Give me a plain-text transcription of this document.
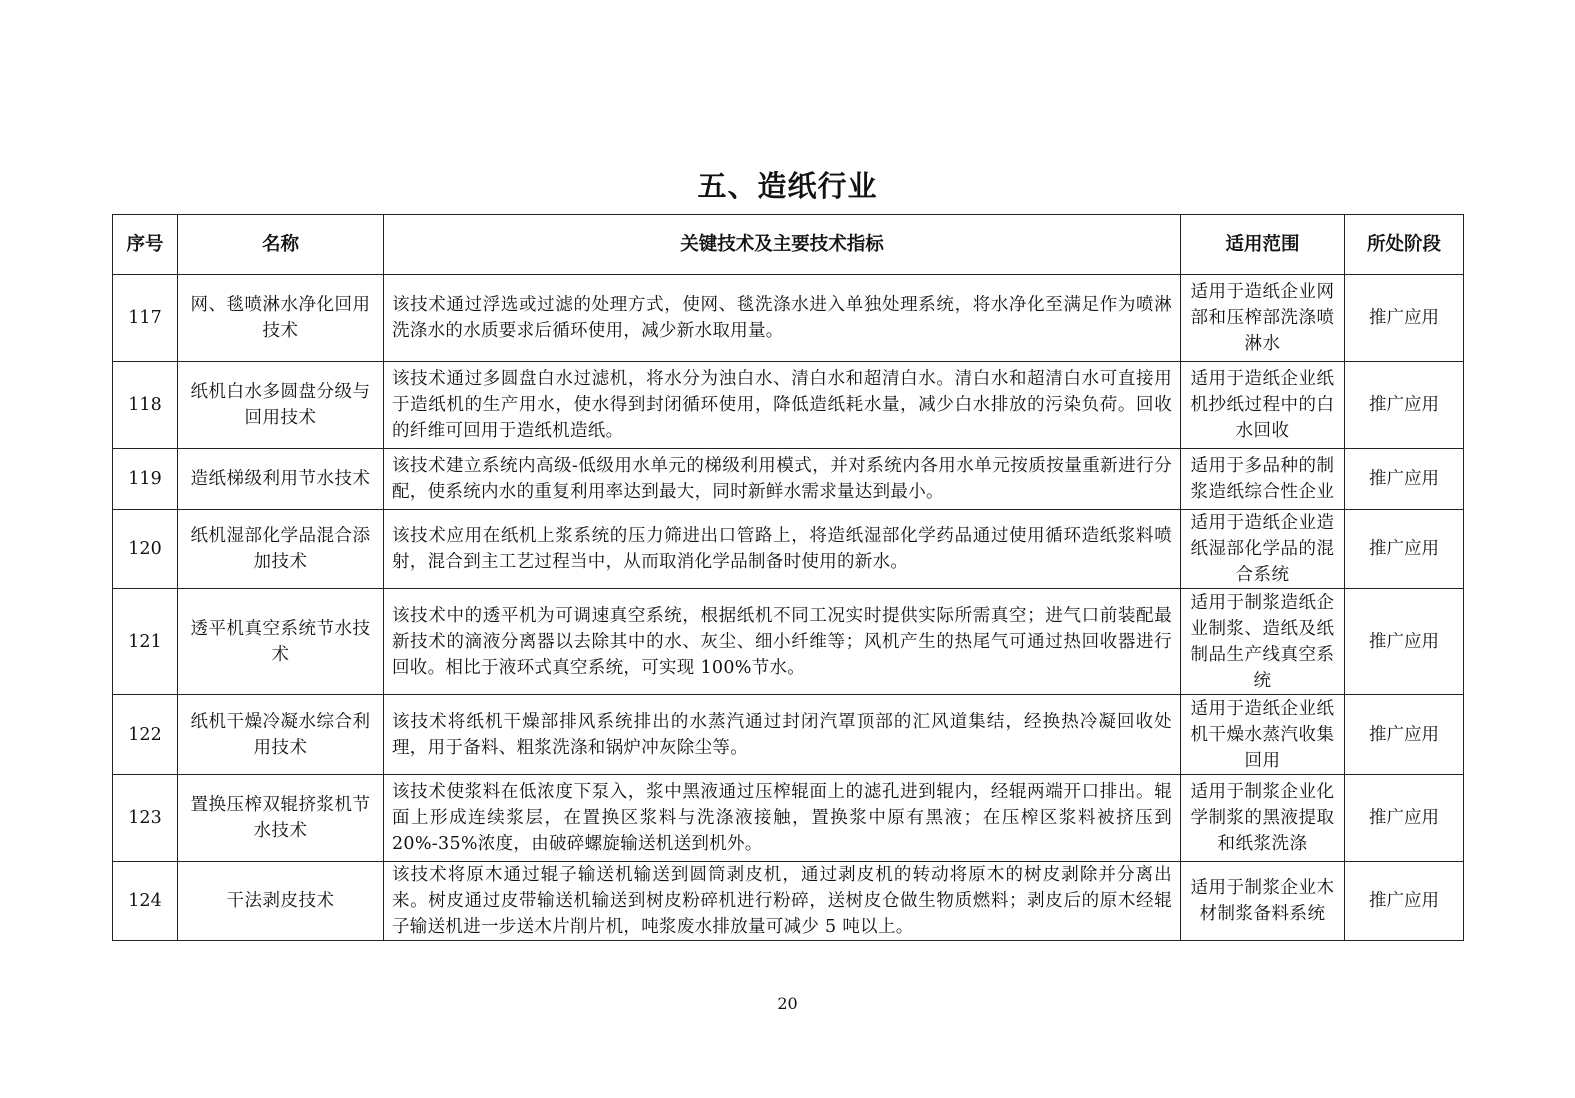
五、造纸行业
序号	名称	关键技术及主要技术指标	适用范围	所处阶段
117	网、毯喷淋水净化回用技术	该技术通过浮选或过滤的处理方式，使网、毯洗涤水进入单独处理系统，将水净化至满足作为喷淋洗涤水的水质要求后循环使用，减少新水取用量。	适用于造纸企业网部和压榨部洗涤喷淋水	推广应用
118	纸机白水多圆盘分级与回用技术	该技术通过多圆盘白水过滤机，将水分为浊白水、清白水和超清白水。清白水和超清白水可直接用于造纸机的生产用水，使水得到封闭循环使用，降低造纸耗水量，减少白水排放的污染负荷。回收的纤维可回用于造纸机造纸。	适用于造纸企业纸机抄纸过程中的白水回收	推广应用
119	造纸梯级利用节水技术	该技术建立系统内高级-低级用水单元的梯级利用模式，并对系统内各用水单元按质按量重新进行分配，使系统内水的重复利用率达到最大，同时新鲜水需求量达到最小。	适用于多品种的制浆造纸综合性企业	推广应用
120	纸机湿部化学品混合添加技术	该技术应用在纸机上浆系统的压力筛进出口管路上，将造纸湿部化学药品通过使用循环造纸浆料喷射，混合到主工艺过程当中，从而取消化学品制备时使用的新水。	适用于造纸企业造纸湿部化学品的混合系统	推广应用
121	透平机真空系统节水技术	该技术中的透平机为可调速真空系统，根据纸机不同工况实时提供实际所需真空；进气口前装配最新技术的滴液分离器以去除其中的水、灰尘、细小纤维等；风机产生的热尾气可通过热回收器进行回收。相比于液环式真空系统，可实现 100%节水。	适用于制浆造纸企业制浆、造纸及纸制品生产线真空系统	推广应用
122	纸机干燥冷凝水综合利用技术	该技术将纸机干燥部排风系统排出的水蒸汽通过封闭汽罩顶部的汇风道集结，经换热冷凝回收处理，用于备料、粗浆洗涤和锅炉冲灰除尘等。	适用于造纸企业纸机干燥水蒸汽收集回用	推广应用
123	置换压榨双辊挤浆机节水技术	该技术使浆料在低浓度下泵入，浆中黑液通过压榨辊面上的滤孔进到辊内，经辊两端开口排出。辊面上形成连续浆层，在置换区浆料与洗涤液接触，置换浆中原有黑液；在压榨区浆料被挤压到 20%-35%浓度，由破碎螺旋输送机送到机外。	适用于制浆企业化学制浆的黑液提取和纸浆洗涤	推广应用
124	干法剥皮技术	该技术将原木通过辊子输送机输送到圆筒剥皮机，通过剥皮机的转动将原木的树皮剥除并分离出来。树皮通过皮带输送机输送到树皮粉碎机进行粉碎，送树皮仓做生物质燃料；剥皮后的原木经辊子输送机进一步送木片削片机，吨浆废水排放量可减少 5 吨以上。	适用于制浆企业木材制浆备料系统	推广应用
20
